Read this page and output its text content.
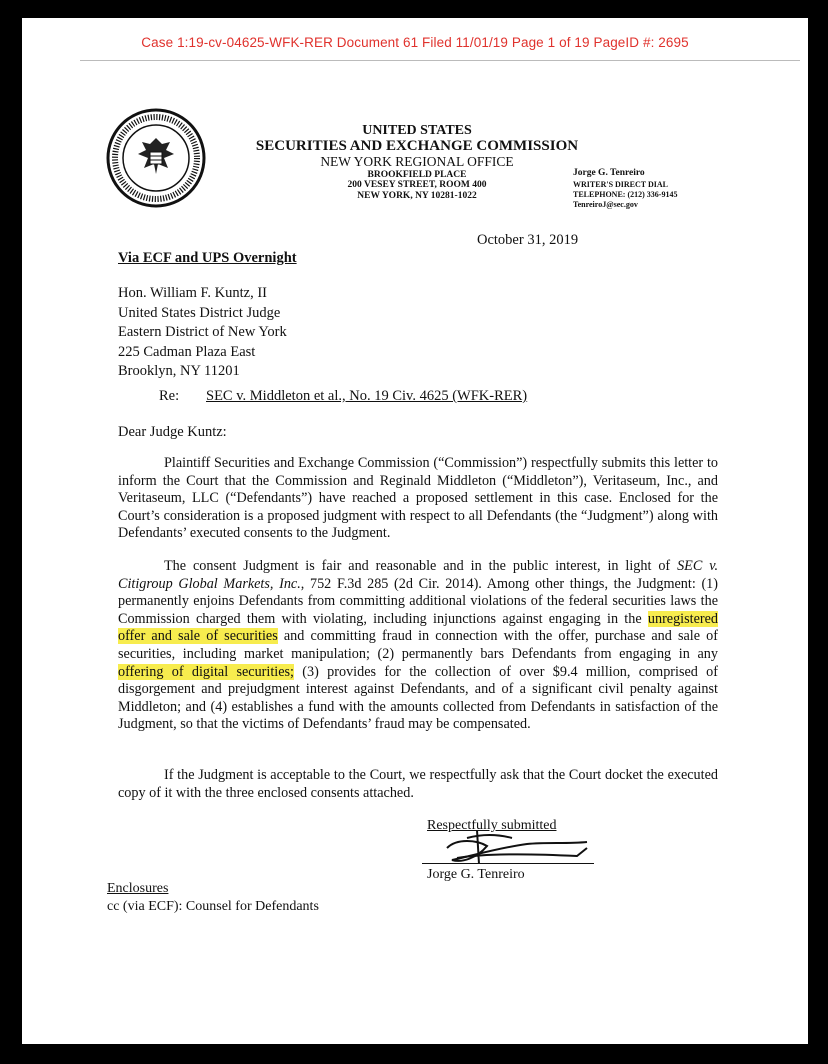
Case 1:19-cv-04625-WFK-RER Document 61 Filed 11/01/19 Page 1 of 19 PageID #: 2695
UNITED STATES
SECURITIES AND EXCHANGE COMMISSION
NEW YORK REGIONAL OFFICE
BROOKFIELD PLACE
200 VESEY STREET, ROOM 400
NEW YORK, NY 10281-1022
Jorge G. Tenreiro
WRITER'S DIRECT DIAL
TELEPHONE: (212) 336-9145
TenreiroJ@sec.gov
October 31, 2019
Via ECF and UPS Overnight
Hon. William F. Kuntz, II
United States District Judge
Eastern District of New York
225 Cadman Plaza East
Brooklyn, NY 11201
Re: SEC v. Middleton et al., No. 19 Civ. 4625 (WFK-RER)
Dear Judge Kuntz:
Plaintiff Securities and Exchange Commission (“Commission”) respectfully submits this letter to inform the Court that the Commission and Reginald Middleton (“Middleton”), Veritaseum, Inc., and Veritaseum, LLC (“Defendants”) have reached a proposed settlement in this case. Enclosed for the Court’s consideration is a proposed judgment with respect to all Defendants (the “Judgment”) along with Defendants’ executed consents to the Judgment.
The consent Judgment is fair and reasonable and in the public interest, in light of SEC v. Citigroup Global Markets, Inc., 752 F.3d 285 (2d Cir. 2014). Among other things, the Judgment: (1) permanently enjoins Defendants from committing additional violations of the federal securities laws the Commission charged them with violating, including injunctions against engaging in the unregistered offer and sale of securities and committing fraud in connection with the offer, purchase and sale of securities, including market manipulation; (2) permanently bars Defendants from engaging in any offering of digital securities; (3) provides for the collection of over $9.4 million, comprised of disgorgement and prejudgment interest against Defendants, and of a significant civil penalty against Middleton; and (4) establishes a fund with the amounts collected from Defendants in satisfaction of the Judgment, so that the victims of Defendants’ fraud may be compensated.
If the Judgment is acceptable to the Court, we respectfully ask that the Court docket the executed copy of it with the three enclosed consents attached.
Respectfully submitted
Jorge G. Tenreiro
Enclosures
cc (via ECF): Counsel for Defendants
